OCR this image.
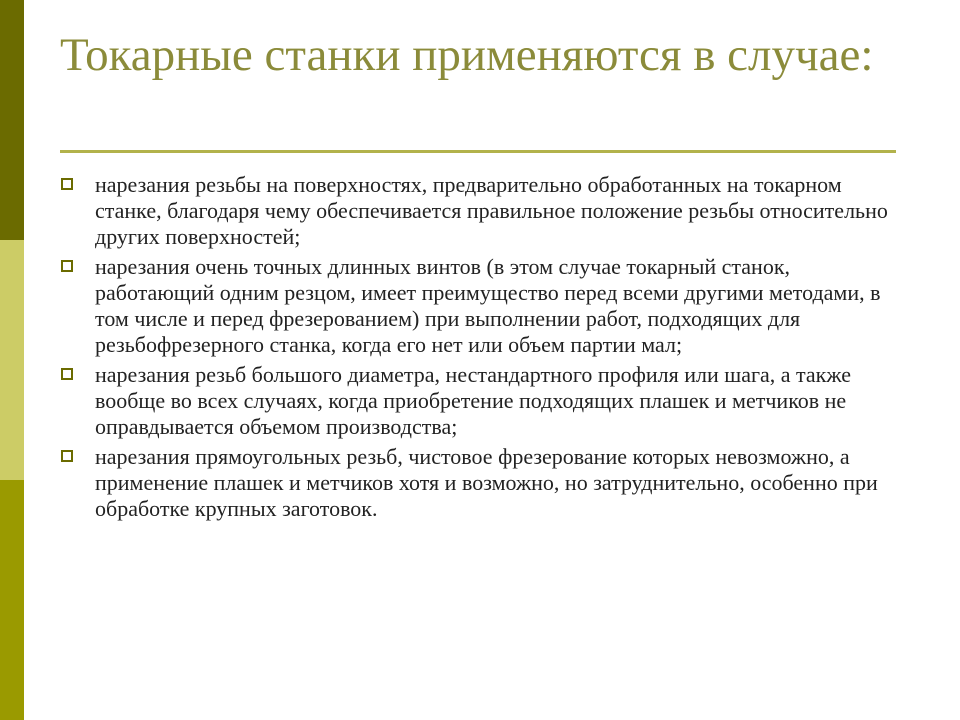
Токарные станки применяются в случае:
нарезания резьбы на поверхностях, предварительно обработанных на токарном станке, благодаря чему обеспечивается правильное положение резьбы относительно других поверхностей;
нарезания очень точных длинных винтов (в этом случае токарный станок, работающий одним резцом, имеет преимущество перед всеми другими методами, в том числе и перед фрезерованием) при выполнении работ, подходящих для резьбофрезерного станка, когда его нет или объем партии мал;
нарезания резьб большого диаметра, нестандартного профиля или шага, а также вообще во всех случаях, когда приобретение подходящих плашек и метчиков не оправдывается объемом производства;
нарезания прямоугольных резьб, чистовое фрезерование которых невозможно, а применение плашек и метчиков хотя и возможно, но затруднительно, особенно при обработке крупных заготовок.
